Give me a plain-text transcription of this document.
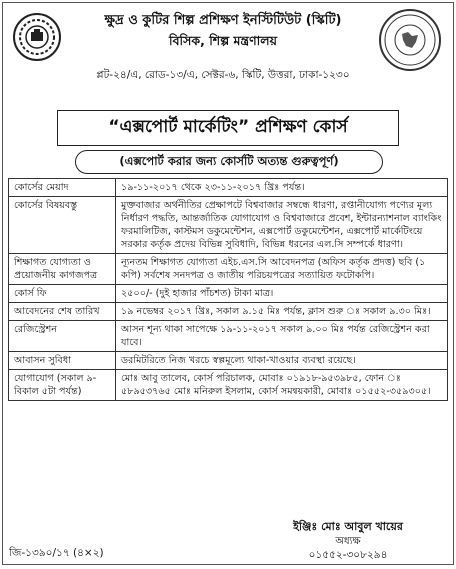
ক্ষুদ্র ও কুটির শিল্প প্রশিক্ষণ ইনস্টিটিউট (স্কিটি)
বিসিক, শিল্প মন্ত্রণালয়
প্লট-২৪/এ, রোড-১৩/এ, সেক্টর-৬, স্কিটি, উত্তরা, ঢাকা-১২৩০
“এক্সপোর্ট মার্কেটিং” প্রশিক্ষণ কোর্স
(এক্সপোর্ট করার জন্য কোর্সটি অত্যন্ত গুরুত্বপূর্ণ)
কোর্সের মেয়াদ	১৯-১১-২০১৭ থেকে ২৩-১১-২০১৭ খ্রিঃ পর্যন্ত।
কোর্সের বিষয়বস্তু	মুক্তবাজার অর্থনীতির প্রেক্ষাপটে বিশ্ববাজার সম্বন্ধে ধারণা, রপ্তানীযোগ্য পণ্যের মূল্য নির্ধারণ পদ্ধতি, আন্তর্জাতিক যোগাযোগ ও বিশ্ববাজারে প্রবেশ, ইন্টারন্যাশনাল ব্যাংকিং ফরমালিটিজ, কাস্টমস ডকুমেন্টেশন, এক্সপোর্ট ডকুমেন্টেশন, এক্সপোর্ট মার্কেটিংয়ে সরকার কর্তৃক প্রদেয় বিভিন্ন সুবিধাদি, বিভিন্ন ধরনের এল.সি সম্পর্কে ধারণা।
শিক্ষাগত যোগ্যতা ও প্রয়োজনীয় কাগজপত্র	ন্যূনতম শিক্ষাগত যোগ্যতা এইচ.এস.সি আবেদনপত্র (অফিস কর্তৃক প্রদত্ত) ছবি (১ কপি) সর্বশেষ সনদপত্র ও জাতীয় পরিচয়পত্রের সত্যায়িত ফটোকপি।
কোর্স ফি	২৫০০/- (দুই হাজার পাঁচশত) টাকা মাত্র।
আবেদনের শেষ তারিখ	১৯ নভেম্বর ২০১৭ খ্রিঃ, সকাল ৯.১৫ মিঃ পর্যন্ত, ক্লাস শুরু ঃ সকাল ৯.৩০ মিঃ।
রেজিস্ট্রেশন	আসন শূন্য থাকা সাপেক্ষে ১৯-১১-২০১৭ সকাল ৯.০০ মিঃ পর্যন্ত রেজিস্ট্রেশন করা যাবে।
আবাসন সুবিধা	ডরমিটরিতে নিজ খরচে স্বল্পমূল্যে থাকা-খাওয়ার ব্যবস্থা রয়েছে।
যোগাযোগ (সকাল ৯-বিকাল ৫টা পর্যন্ত)	মোঃ আবু তালেব, কোর্স পরিচালক, মোবাঃ ০১৯১৮-৯৫৩৯৮৫, ফোন ঃ ৫৮৯৫৩৭৬৫ মোঃ মনিরুল ইসলাম, কোর্স সমন্বয়কারী, মোবাঃ ০১৫৫২-৩৫৯৩০৫।
ইঞ্জিঃ মোঃ আবুল খায়ের
অধ্যক্ষ
০১৫৫২-৩০৮২৯৪
জি-১৩৯০/১৭ (৪×২)
